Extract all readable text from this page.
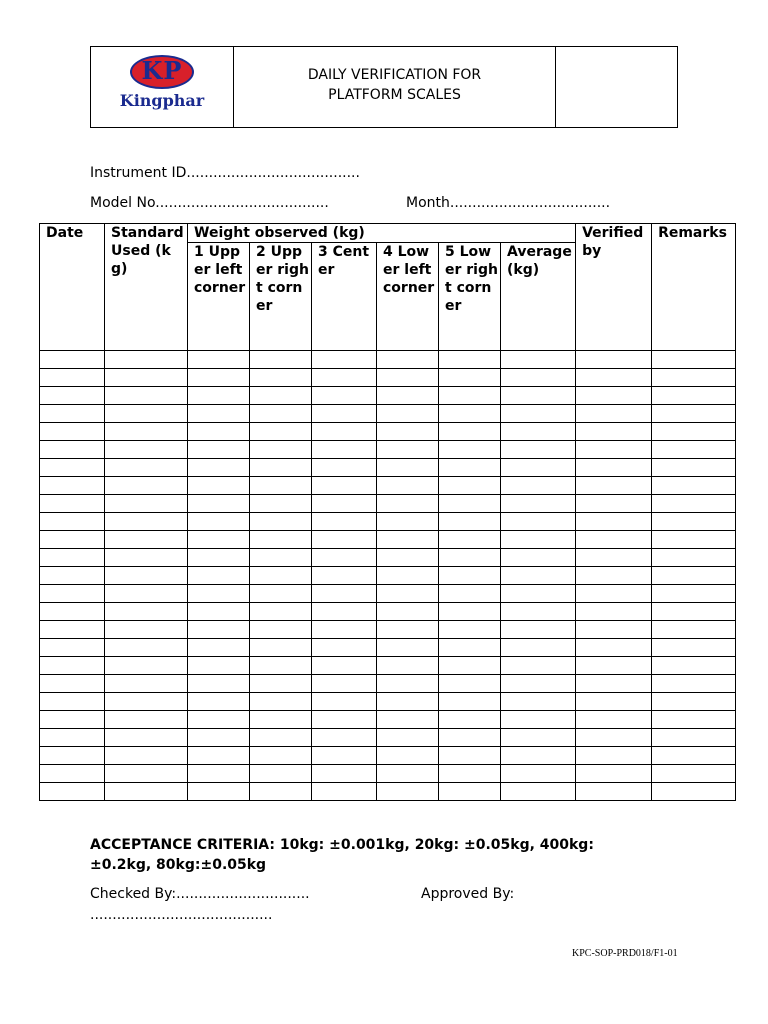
KP
Kingphar
DAILY VERIFICATION FOR
PLATFORM SCALES
Instrument ID.......................................
Model No.......................................	Month....................................
Date	Standard Used (kg)	Weight observed (kg)						Verified by	Remarks
		1 Upper left corner	2 Upper right corner	3 Center	4 Lower left corner	5 Lower right corner	Average (kg)		

ACCEPTANCE CRITERIA: 10kg: ±0.001kg, 20kg: ±0.05kg, 400kg: ±0.2kg, 80kg:±0.05kg
Checked By:..............................	Approved By:
.........................................
KPC-SOP-PRD018/F1-01
